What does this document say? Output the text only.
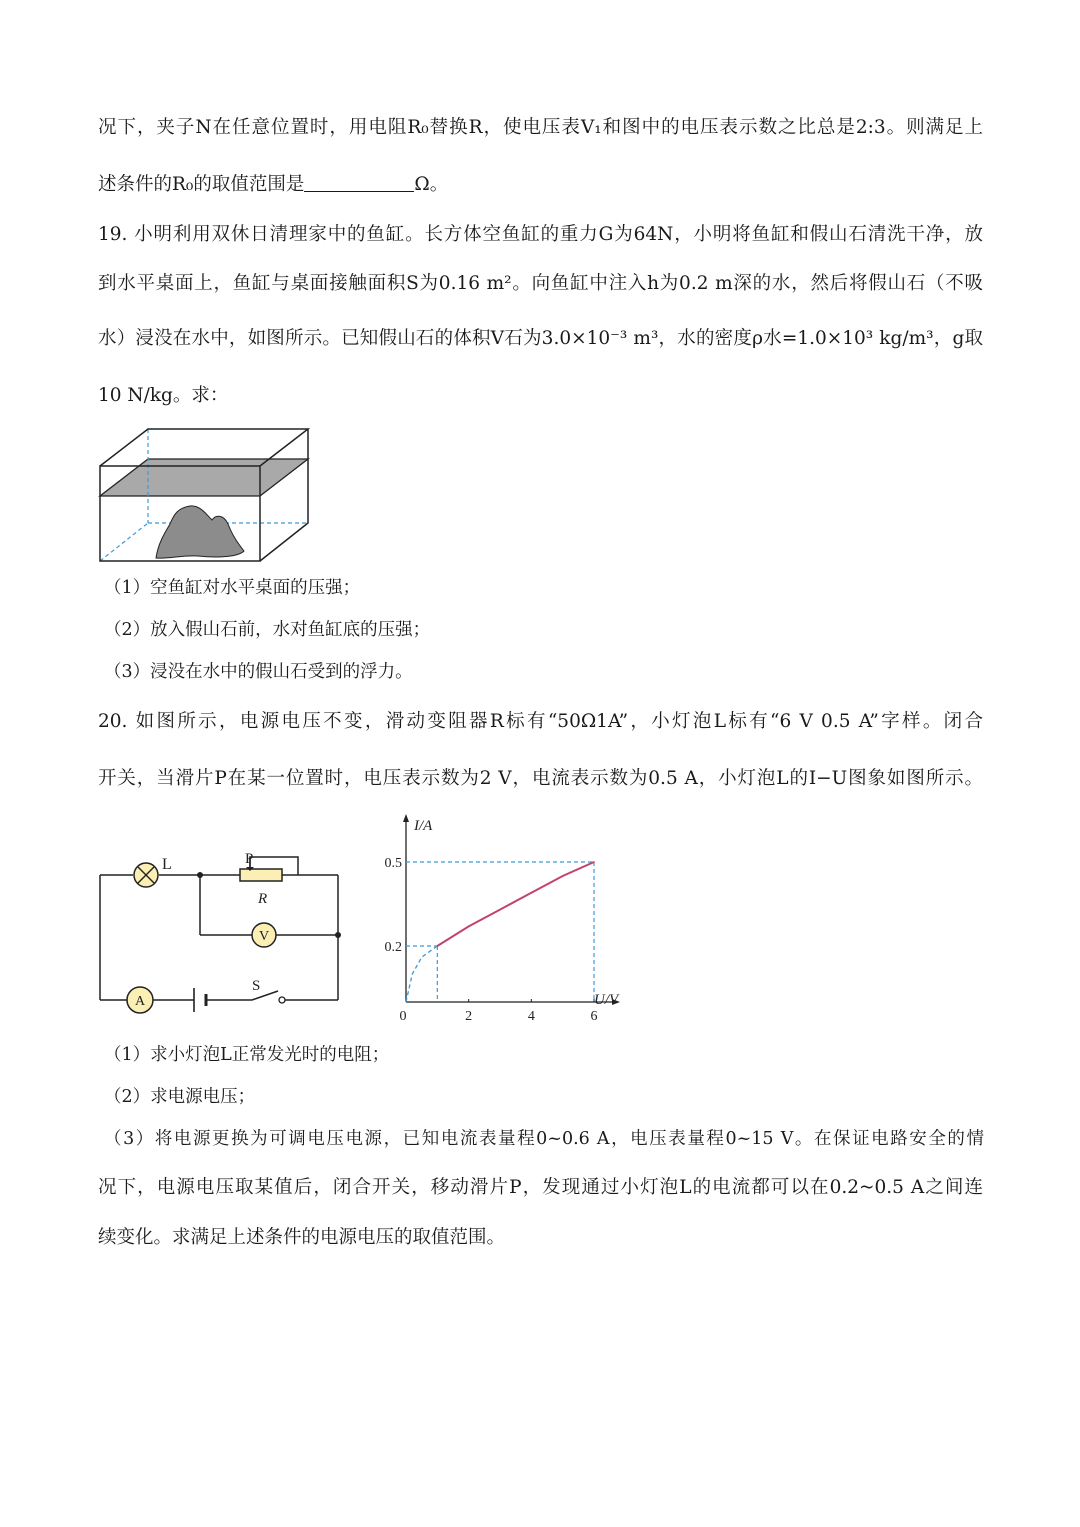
况下，夹子N在任意位置时，用电阻R₀替换R，使电压表V₁和图中的电压表示数之比总是2:3。则满足上
述条件的R₀的取值范围是	Ω。
19. 小明利用双休日清理家中的鱼缸。长方体空鱼缸的重力G为64N，小明将鱼缸和假山石清洗干净，放
到水平桌面上，鱼缸与桌面接触面积S为0.16 m²。向鱼缸中注入h为0.2 m深的水，然后将假山石（不吸
水）浸没在水中，如图所示。已知假山石的体积V石为3.0×10⁻³ m³，水的密度ρ水=1.0×10³ kg/m³，g取
10 N/kg。求：
（1）空鱼缸对水平桌面的压强；
（2）放入假山石前，水对鱼缸底的压强；
（3）浸没在水中的假山石受到的浮力。
20. 如图所示，电源电压不变，滑动变阻器R标有“50Ω1A”，小灯泡L标有“6 V 0.5 A”字样。闭合
开关，当滑片P在某一位置时，电压表示数为2 V，电流表示数为0.5 A，小灯泡L的I−U图象如图所示。
L	P
R
V
A
S
I/A
U/V
0	2	4	6
0.2
0.5
（1）求小灯泡L正常发光时的电阻；
（2）求电源电压；
（3）将电源更换为可调电压电源，已知电流表量程0~0.6 A，电压表量程0~15 V。在保证电路安全的情
况下，电源电压取某值后，闭合开关，移动滑片P，发现通过小灯泡L的电流都可以在0.2~0.5 A之间连
续变化。求满足上述条件的电源电压的取值范围。
